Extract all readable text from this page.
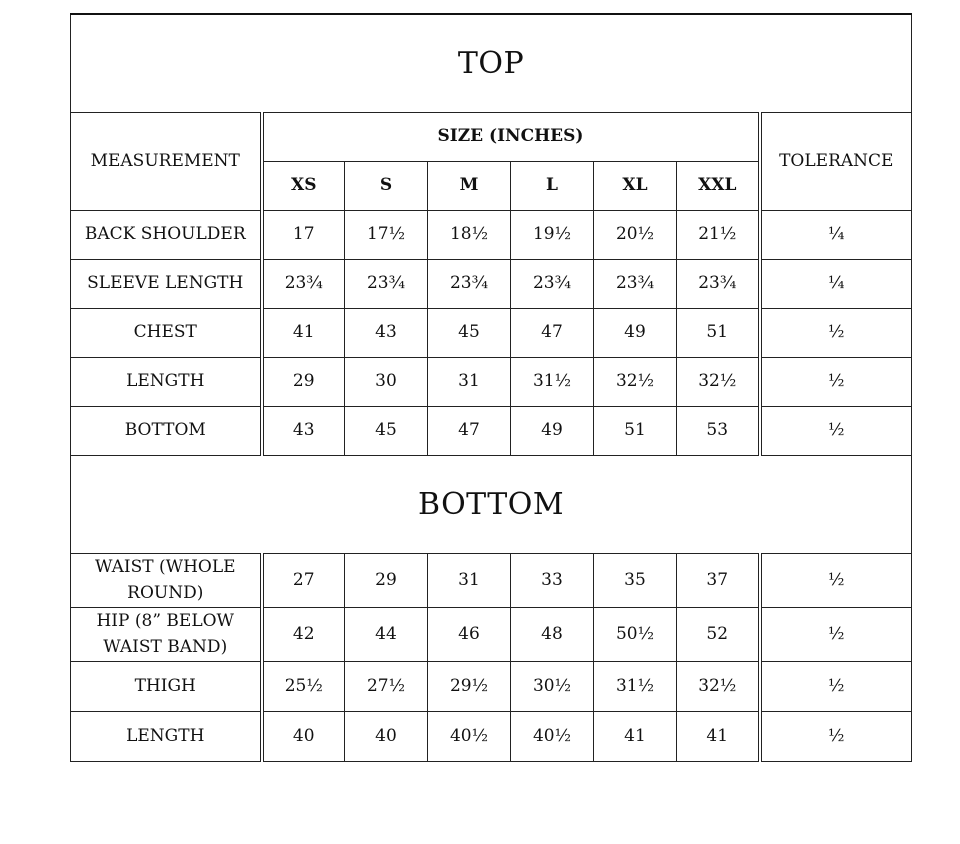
TOP							
MEASUREMENT	SIZE (INCHES)						TOLERANCE
	XS	S	M	L	XL	XXL	
BACK SHOULDER	17	17½	18½	19½	20½	21½	¼
SLEEVE LENGTH	23¾	23¾	23¾	23¾	23¾	23¾	¼
CHEST	41	43	45	47	49	51	½
LENGTH	29	30	31	31½	32½	32½	½
BOTTOM	43	45	47	49	51	53	½
BOTTOM							
WAIST (WHOLE ROUND)	27	29	31	33	35	37	½
HIP (8” BELOW WAIST BAND)	42	44	46	48	50½	52	½
THIGH	25½	27½	29½	30½	31½	32½	½
LENGTH	40	40	40½	40½	41	41	½
